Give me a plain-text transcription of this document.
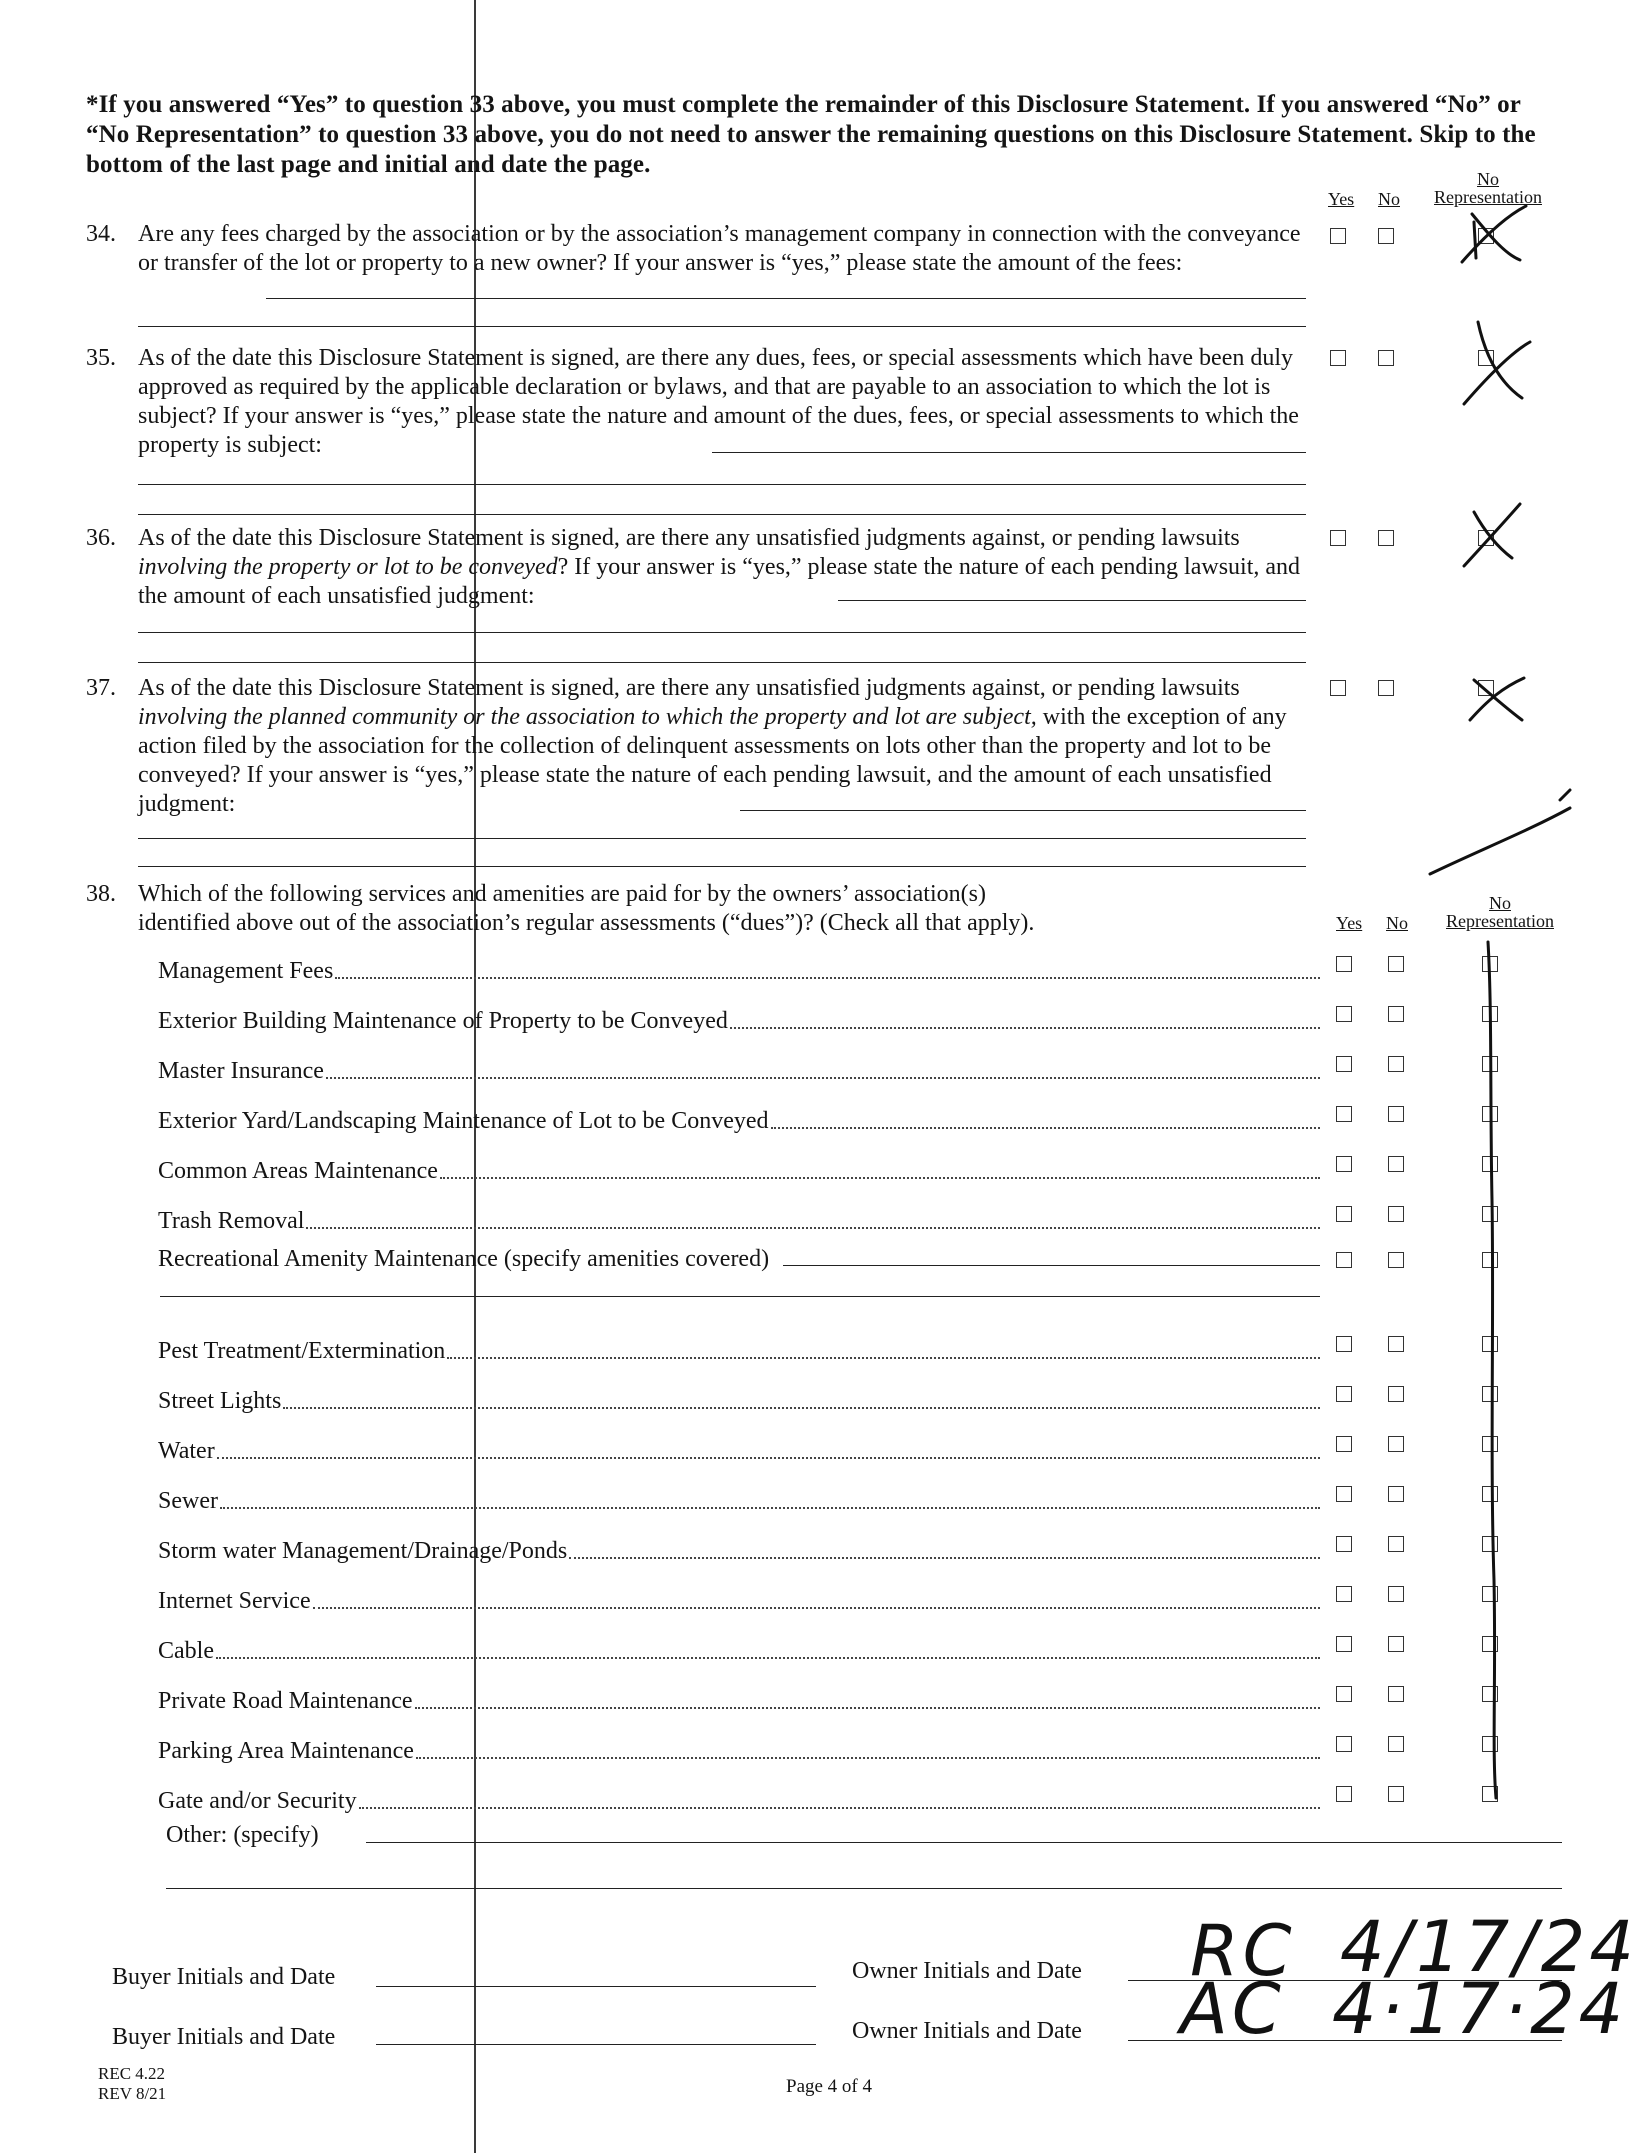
*If you answered “Yes” to question 33 above, you must complete the remainder of this Disclosure Statement. If you answered “No” or “No Representation” to question 33 above, you do not need to answer the remaining questions on this Disclosure Statement. Skip to the bottom of the last page and initial and date the page.
Yes No
No
Representation
34. Are any fees charged by the association or by the association’s management company in connection with the conveyance or transfer of the lot or property to a new owner? If your answer is “yes,” please state the amount of the fees:
35. As of the date this Disclosure Statement is signed, are there any dues, fees, or special assessments which have been duly approved as required by the applicable declaration or bylaws, and that are payable to an association to which the lot is subject? If your answer is “yes,” please state the nature and amount of the dues, fees, or special assessments to which the property is subject:
36. As of the date this Disclosure Statement is signed, are there any unsatisfied judgments against, or pending lawsuits involving the property or lot to be conveyed? If your answer is “yes,” please state the nature of each pending lawsuit, and the amount of each unsatisfied judgment:
37. As of the date this Disclosure Statement is signed, are there any unsatisfied judgments against, or pending lawsuits involving the planned community or the association to which the property and lot are subject, with the exception of any action filed by the association for the collection of delinquent assessments on lots other than the property and lot to be conveyed? If your answer is “yes,” please state the nature of each pending lawsuit, and the amount of each unsatisfied judgment:
38. Which of the following services and amenities are paid for by the owners’ association(s) identified above out of the association’s regular assessments (“dues”)? (Check all that apply).	Yes No
No
Representation
Management Fees
Exterior Building Maintenance of Property to be Conveyed
Master Insurance
Exterior Yard/Landscaping Maintenance of Lot to be Conveyed
Common Areas Maintenance
Trash Removal
Recreational Amenity Maintenance (specify amenities covered)
Pest Treatment/Extermination
Street Lights
Water
Sewer
Storm water Management/Drainage/Ponds
Internet Service
Cable
Private Road Maintenance
Parking Area Maintenance
Gate and/or Security
Other: (specify)
Buyer Initials and Date
Buyer Initials and Date
Owner Initials and Date
Owner Initials and Date
RC 4/17/24
AC 4·17·24
REC 4.22
REV 8/21	Page 4 of 4
